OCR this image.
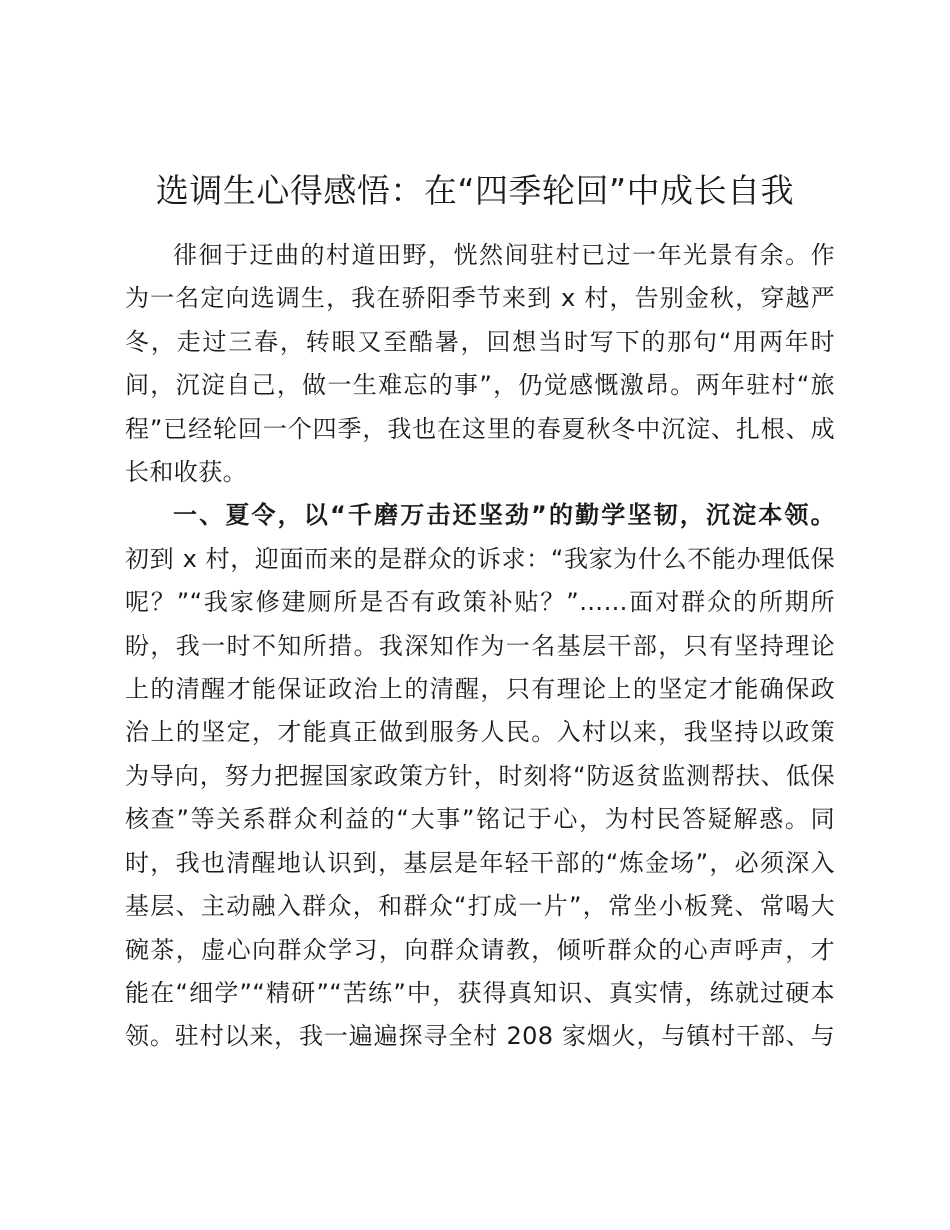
选调生心得感悟：在“四季轮回”中成长自我
徘徊于迂曲的村道田野，恍然间驻村已过一年光景有余。作
为一名定向选调生，我在骄阳季节来到 x 村，告别金秋，穿越严
冬，走过三春，转眼又至酷暑，回想当时写下的那句“用两年时
间，沉淀自己，做一生难忘的事”，仍觉感慨激昂。两年驻村“旅
程”已经轮回一个四季，我也在这里的春夏秋冬中沉淀、扎根、成
长和收获。
一、夏令，以“千磨万击还坚劲”的勤学坚韧，沉淀本领。
初到 x 村，迎面而来的是群众的诉求：“我家为什么不能办理低保
呢？”“我家修建厕所是否有政策补贴？”……面对群众的所期所
盼，我一时不知所措。我深知作为一名基层干部，只有坚持理论
上的清醒才能保证政治上的清醒，只有理论上的坚定才能确保政
治上的坚定，才能真正做到服务人民。入村以来，我坚持以政策
为导向，努力把握国家政策方针，时刻将“防返贫监测帮扶、低保
核查”等关系群众利益的“大事”铭记于心，为村民答疑解惑。同
时，我也清醒地认识到，基层是年轻干部的“炼金场”，必须深入
基层、主动融入群众，和群众“打成一片”，常坐小板凳、常喝大
碗茶，虚心向群众学习，向群众请教，倾听群众的心声呼声，才
能在“细学”“精研”“苦练”中，获得真知识、真实情，练就过硬本
领。驻村以来，我一遍遍探寻全村 208 家烟火，与镇村干部、与
